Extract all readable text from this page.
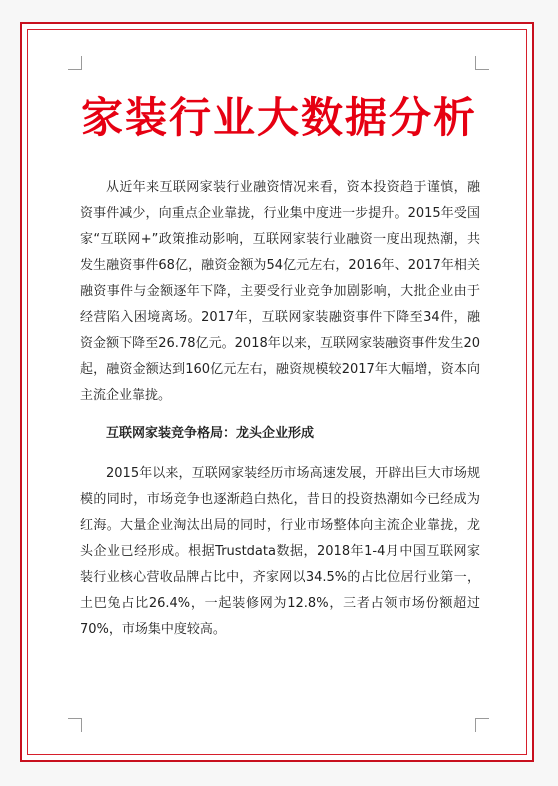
家装行业大数据分析

从近年来互联网家装行业融资情况来看，资本投资趋于谨慎，融资事件减少，向重点企业靠拢，行业集中度进一步提升。2015年受国家“互联网+”政策推动影响，互联网家装行业融资一度出现热潮，共发生融资事件68亿，融资金额为54亿元左右，2016年、2017年相关融资事件与金额逐年下降，主要受行业竞争加剧影响，大批企业由于经营陷入困境离场。2017年，互联网家装融资事件下降至34件，融资金额下降至26.78亿元。2018年以来，互联网家装融资事件发生20起，融资金额达到160亿元左右，融资规模较2017年大幅增，资本向主流企业靠拢。

互联网家装竞争格局：龙头企业形成

2015年以来，互联网家装经历市场高速发展，开辟出巨大市场规模的同时，市场竞争也逐渐趋白热化，昔日的投资热潮如今已经成为红海。大量企业淘汰出局的同时，行业市场整体向主流企业靠拢，龙头企业已经形成。根据Trustdata数据，2018年1-4月中国互联网家装行业核心营收品牌占比中，齐家网以34.5%的占比位居行业第一，土巴兔占比26.4%，一起装修网为12.8%，三者占领市场份额超过70%，市场集中度较高。
